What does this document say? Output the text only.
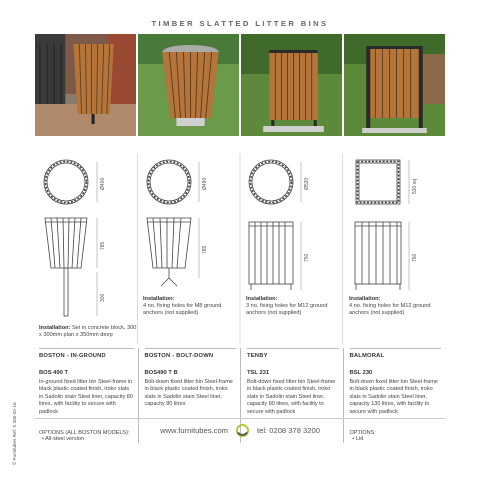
TIMBER SLATTED LITTER BINS
Ø400	Ø490	Ø530	530 sq
785	785
750	750
300
Installation: Set in concrete block, 300 x 300mm plan x 350mm deep
Installation:
4 no. fixing holes for M8 ground anchors (not supplied)
Installation:
3 no. fixing holes for M12 ground anchors (not supplied)
Installation:
4 no. fixing holes for M12 ground anchors (not supplied)
BOSTON - IN-GROUND
BOS 490 T
In-ground fixed litter bin Steel-frame in black plastic coated finish, iroko slats in Sadolin stain Steel liner, capacity 80 litres, with facility to secure with padlock
OPTIONS (ALL BOSTON MODELS):
• All-steel version
BOSTON - BOLT-DOWN
BOS490 T B
Bolt-down fixed litter bin Steel-frame in black plastic coated finish, iroko slats in Sadolin stain Steel liner, capacity 80 litres
TENBY
TSL 231
Bolt-down fixed litter bin Steel-frame in black plastic coated finish, iroko slats in Sadolin stain Steel liner, capacity 80 litres, with facility to secure with padlock
BALMORAL
BSL 230
Bolt-down fixed litter bin Steel-frame in black plastic coated finish, iroko slats in Sadolin stain Steel liner, capacity 130 litres, with facility to secure with padlock
OPTIONS:
• Lid
© Furnitubes Ref: S 385-02-16	www.furnitubes.com	tel: 0208 378 3200
